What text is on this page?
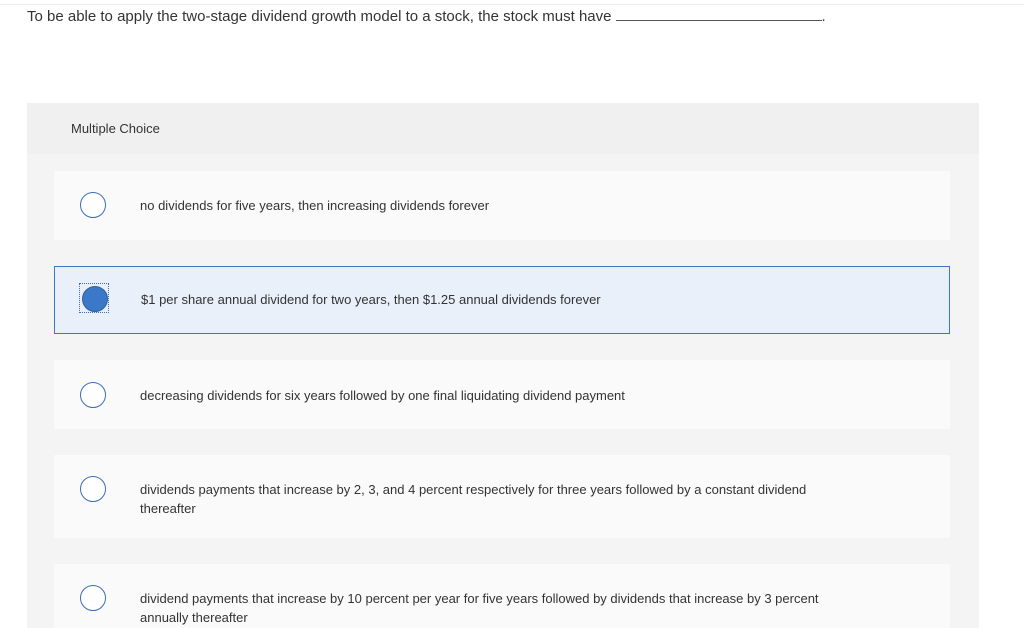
To be able to apply the two-stage dividend growth model to a stock, the stock must have	.
Multiple Choice
no dividends for five years, then increasing dividends forever
$1 per share annual dividend for two years, then $1.25 annual dividends forever
decreasing dividends for six years followed by one final liquidating dividend payment
dividends payments that increase by 2, 3, and 4 percent respectively for three years followed by a constant dividend thereafter
dividend payments that increase by 10 percent per year for five years followed by dividends that increase by 3 percent annually thereafter
